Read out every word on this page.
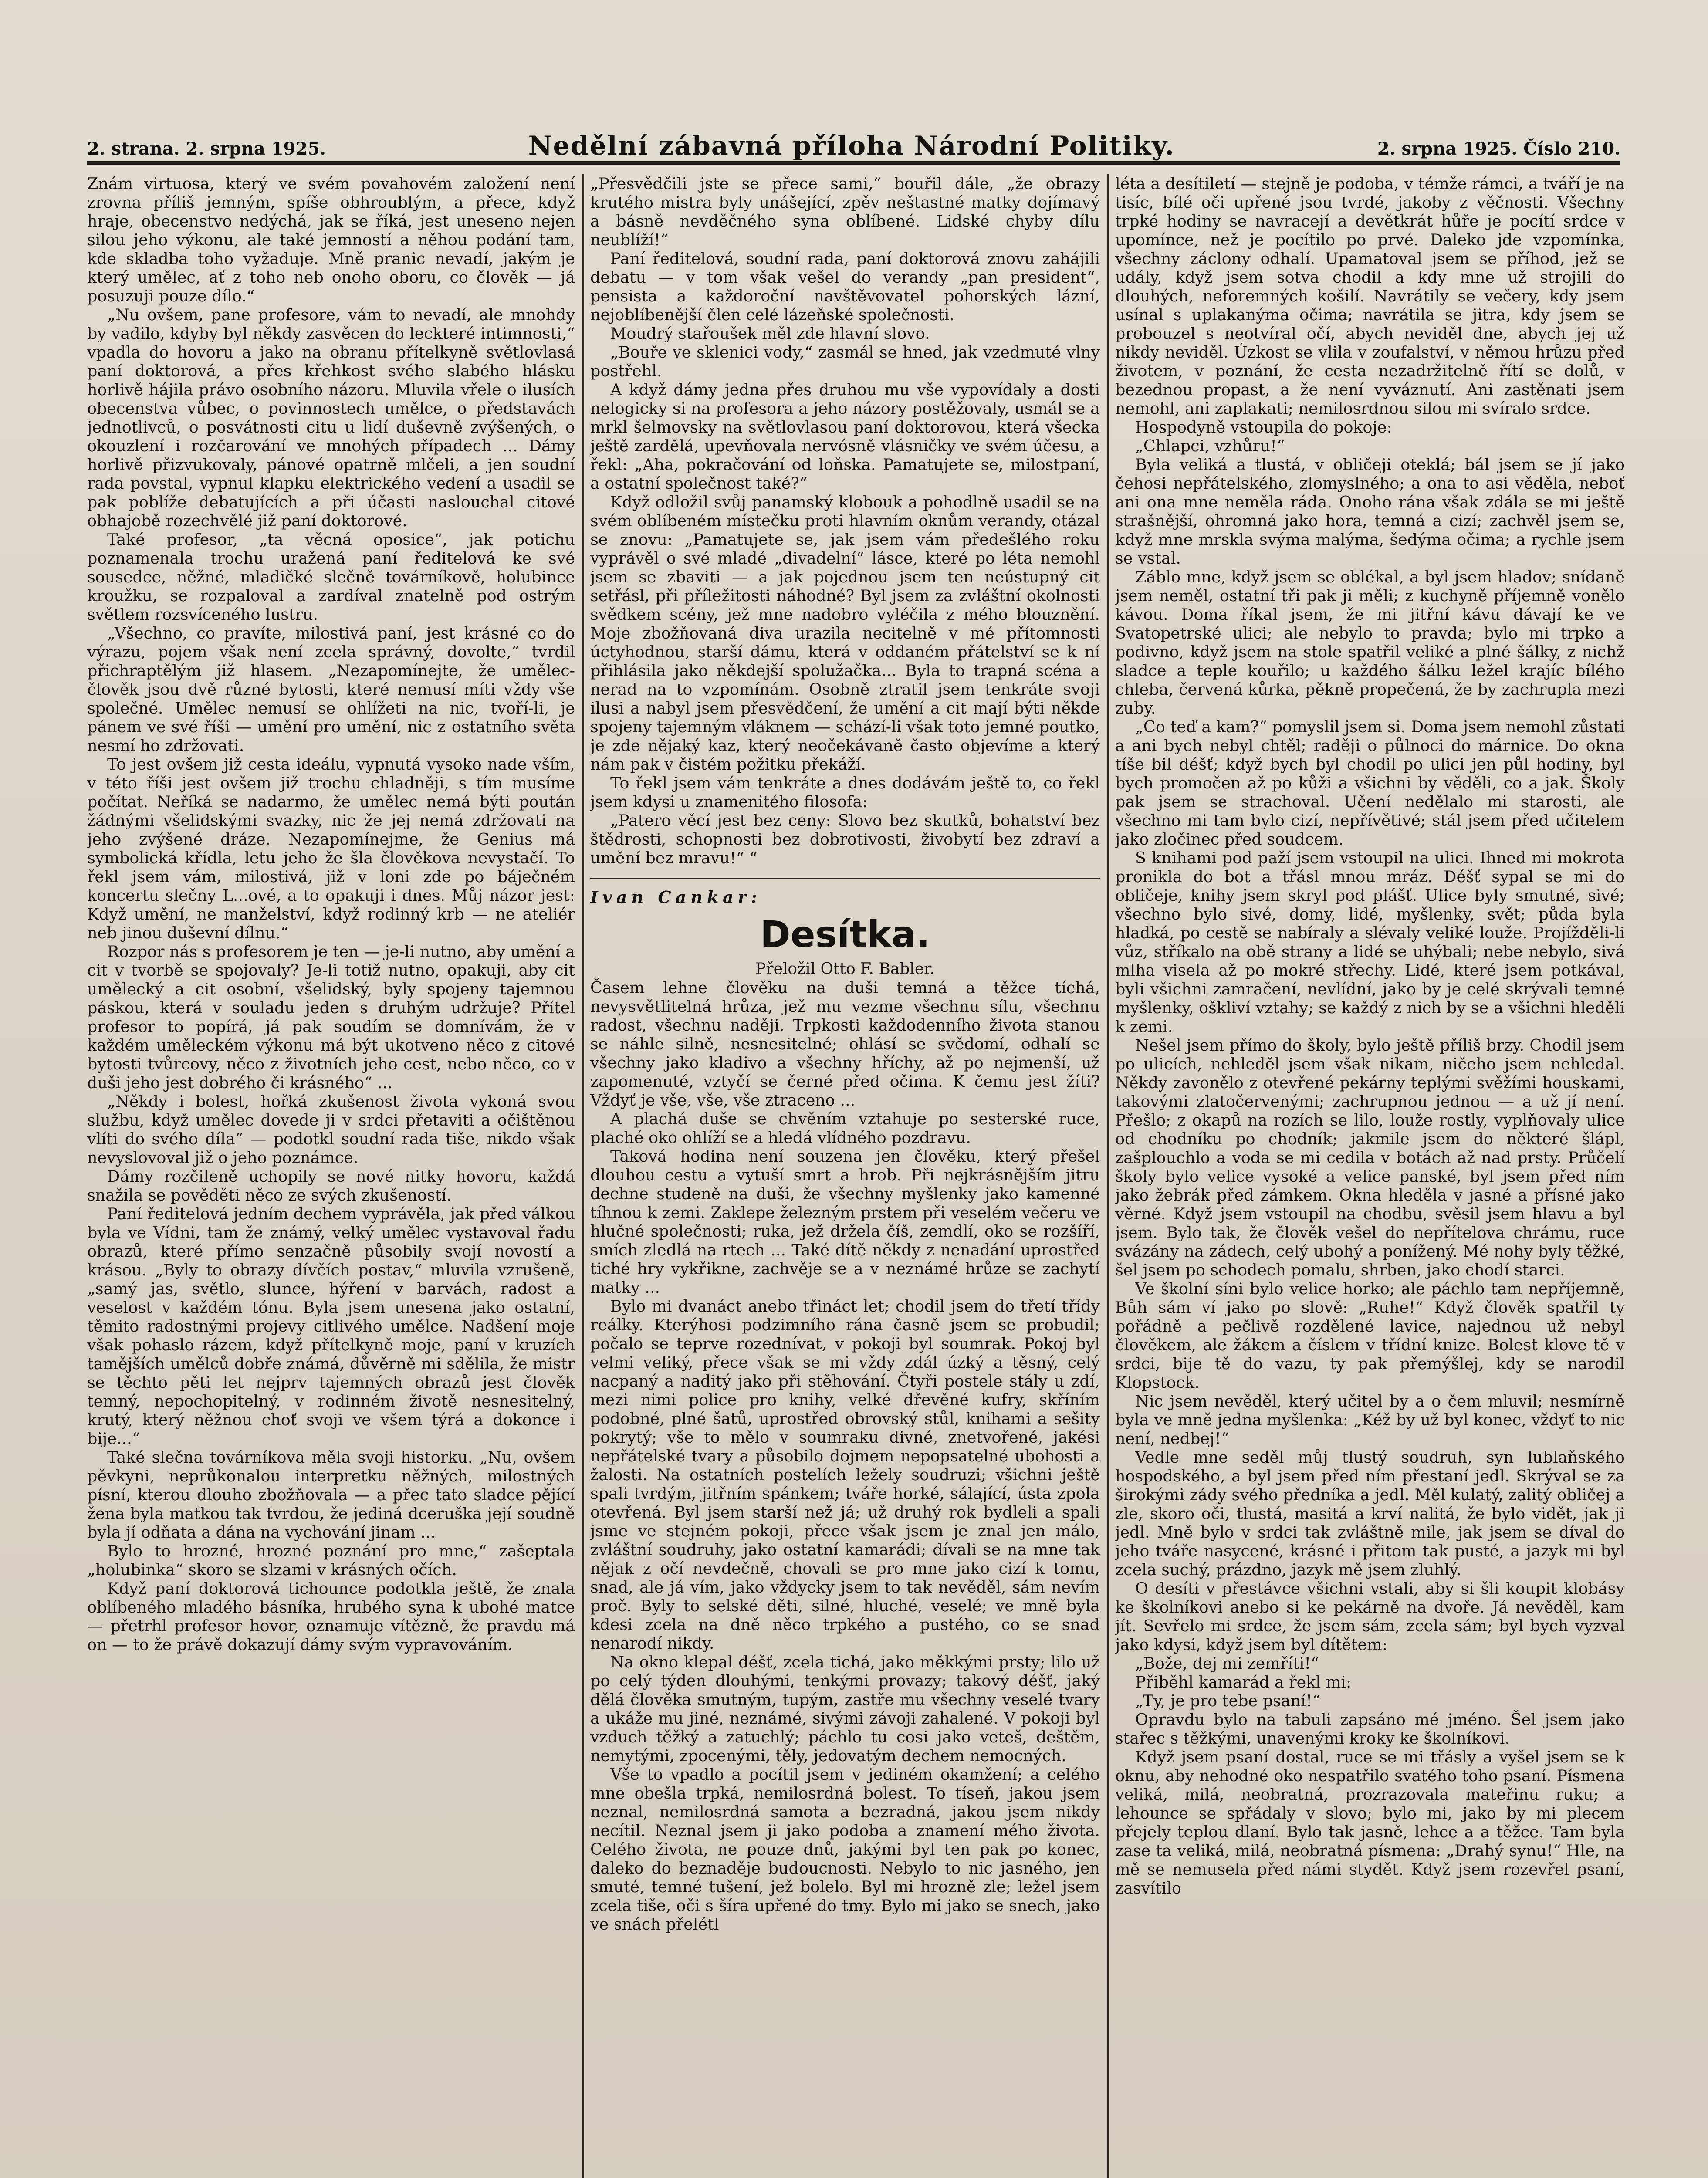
2. strana. 2. srpna 1925.	Nedělní zábavná příloha Národní Politiky.	2. srpna 1925. Číslo 210.

Znám virtuosa, který ve svém povahovém založení není zrovna příliš jemným, spíše obhroublým, a přece, když hraje, obecenstvo nedýchá, jak se říká, jest uneseno nejen silou jeho výkonu, ale také jemností a něhou podání tam, kde skladba toho vyžaduje. Mně pranic nevadí, jakým je který umělec, ať z toho neb onoho oboru, co člověk — já posuzuji pouze dílo.“

„Nu ovšem, pane profesore, vám to nevadí, ale mnohdy by vadilo, kdyby byl někdy zasvěcen do leckteré intimnosti,“ vpadla do hovoru a jako na obranu přítelkyně světlovlasá paní doktorová, a přes křehkost svého slabého hlásku horlivě hájila právo osobního názoru. Mluvila vřele o ilusích obecenstva vůbec, o povinnostech umělce, o představách jednotlivců, o posvátnosti citu u lidí duševně zvýšených, o okouzlení i rozčarování ve mnohých případech ... Dámy horlivě přizvukovaly, pánové opatrně mlčeli, a jen soudní rada povstal, vypnul klapku elektrického vedení a usadil se pak poblíže debatujících a při účasti naslouchal citové obhajobě rozechvělé již paní doktorové.

Také profesor, „ta věcná oposice“, jak potichu poznamenala trochu uražená paní ředitelová ke své sousedce, něžné, mladičké slečně továrníkově, holubince kroužku, se rozpaloval a zardíval znatelně pod ostrým světlem rozsvíceného lustru.

„Všechno, co pravíte, milostivá paní, jest krásné co do výrazu, pojem však není zcela správný, dovolte,“ tvrdil přichraptělým již hlasem. „Nezapomínejte, že umělec-člověk jsou dvě různé bytosti, které nemusí míti vždy vše společné. Umělec nemusí se ohlížeti na nic, tvoří-li, je pánem ve své říši — umění pro umění, nic z ostatního světa nesmí ho zdržovati.

To jest ovšem již cesta ideálu, vypnutá vysoko nade vším, v této říši jest ovšem již trochu chladněji, s tím musíme počítat. Neříká se nadarmo, že umělec nemá býti poután žádnými všelidskými svazky, nic že jej nemá zdržovati na jeho zvýšené dráze. Nezapomínejme, že Genius má symbolická křídla, letu jeho že šla člověkova nevystačí. To řekl jsem vám, milostivá, již v loni zde po báječném koncertu slečny L...ové, a to opakuji i dnes. Můj názor jest: Když umění, ne manželství, když rodinný krb — ne ateliér neb jinou duševní dílnu.“

Rozpor nás s profesorem je ten — je-li nutno, aby umění a cit v tvorbě se spojovaly? Je-li totiž nutno, opakuji, aby cit umělecký a cit osobní, všelidský, byly spojeny tajemnou páskou, která v souladu jeden s druhým udržuje? Přítel profesor to popírá, já pak soudím se domnívám, že v každém uměleckém výkonu má být ukotveno něco z citové bytosti tvůrcovy, něco z životních jeho cest, nebo něco, co v duši jeho jest dobrého či krásného“ ...

„Někdy i bolest, hořká zkušenost života vykoná svou službu, když umělec dovede ji v srdci přetaviti a očištěnou vlíti do svého díla“ — podotkl soudní rada tiše, nikdo však nevyslovoval již o jeho poznámce.

Dámy rozčileně uchopily se nové nitky hovoru, každá snažila se pověděti něco ze svých zkušeností.

Paní ředitelová jedním dechem vyprávěla, jak před válkou byla ve Vídni, tam že známý, velký umělec vystavoval řadu obrazů, které přímo senzačně působily svojí novostí a krásou. „Byly to obrazy dívčích postav,“ mluvila vzrušeně, „samý jas, světlo, slunce, hýření v barvách, radost a veselost v každém tónu. Byla jsem unesena jako ostatní, těmito radostnými projevy citlivého umělce. Nadšení moje však pohaslo rázem, když přítelkyně moje, paní v kruzích tamějších umělců dobře známá, důvěrně mi sdělila, že mistr se těchto pěti let nejprv tajemných obrazů jest člověk temný, nepochopitelný, v rodinném životě nesnesitelný, krutý, který něžnou choť svoji ve všem týrá a dokonce i bije...“

Také slečna továrníkova měla svoji historku. „Nu, ovšem pěvkyni, neprůkonalou interpretku něžných, milostných písní, kterou dlouho zbožňovala — a přec tato sladce pějící žena byla matkou tak tvrdou, že jediná dceruška její soudně byla jí odňata a dána na vychování jinam ...

Bylo to hrozné, hrozné poznání pro mne,“ zašeptala „holubinka“ skoro se slzami v krásných očích.

Když paní doktorová tichounce podotkla ještě, že znala oblíbeného mladého básníka, hrubého syna k ubohé matce — přetrhl profesor hovor, oznamuje vítězně, že pravdu má on — to že právě dokazují dámy svým vypravováním.

„Přesvědčili jste se přece sami,“ bouřil dále, „že obrazy krutého mistra byly unášející, zpěv neštastné matky dojímavý a básně nevděčného syna oblíbené. Lidské chyby dílu neublíží!“

Paní ředitelová, soudní rada, paní doktorová znovu zahájili debatu — v tom však vešel do verandy „pan president“, pensista a každoroční navštěvovatel pohorských lázní, nejoblíbenější člen celé lázeňské společnosti.

Moudrý stařoušek měl zde hlavní slovo.

„Bouře ve sklenici vody,“ zasmál se hned, jak vzedmuté vlny postřehl.

A když dámy jedna přes druhou mu vše vypovídaly a dosti nelogicky si na profesora a jeho názory postěžovaly, usmál se a mrkl šelmovsky na světlovlasou paní doktorovou, která všecka ještě zardělá, upevňovala nervósně vlásničky ve svém účesu, a řekl: „Aha, pokračování od loňska. Pamatujete se, milostpaní, a ostatní společnost také?“

Když odložil svůj panamský klobouk a pohodlně usadil se na svém oblíbeném místečku proti hlavním oknům verandy, otázal se znovu: „Pamatujete se, jak jsem vám předešlého roku vyprávěl o své mladé „divadelní“ lásce, které po léta nemohl jsem se zbaviti — a jak pojednou jsem ten neústupný cit setřásl, při příležitosti náhodné? Byl jsem za zvláštní okolnosti svědkem scény, jež mne nadobro vyléčila z mého blouznění. Moje zbožňovaná diva urazila necitelně v mé přítomnosti úctyhodnou, starší dámu, která v oddaném přátelství se k ní přihlásila jako někdejší spolužačka... Byla to trapná scéna a nerad na to vzpomínám. Osobně ztratil jsem tenkráte svoji ilusi a nabyl jsem přesvědčení, že umění a cit mají býti někde spojeny tajemným vláknem — schází-li však toto jemné poutko, je zde nějaký kaz, který neočekávaně často objevíme a který nám pak v čistém požitku překáží.

To řekl jsem vám tenkráte a dnes dodávám ještě to, co řekl jsem kdysi u znamenitého filosofa:

„Patero věcí jest bez ceny: Slovo bez skutků, bohatství bez štědrosti, schopnosti bez dobrotivosti, živobytí bez zdraví a umění bez mravu!“ “

Ivan Cankar:

Desítka.

Přeložil Otto F. Babler.

Časem lehne člověku na duši temná a těžce tíchá, nevysvětlitelná hrůza, jež mu vezme všechnu sílu, všechnu radost, všechnu naději. Trpkosti každodenního života stanou se náhle silně, nesnesitelné; ohlásí se svědomí, odhalí se všechny jako kladivo a všechny hříchy, až po nejmenší, už zapomenuté, vztyčí se černé před očima. K čemu jest žíti? Vždyť je vše, vše, vše ztraceno ...

A plachá duše se chvěním vztahuje po sesterské ruce, plaché oko ohlíží se a hledá vlídného pozdravu.

Taková hodina není souzena jen člověku, který přešel dlouhou cestu a vytuší smrt a hrob. Při nejkrásnějším jitru dechne studeně na duši, že všechny myšlenky jako kamenné tíhnou k zemi. Zaklepe železným prstem při veselém večeru ve hlučné společnosti; ruka, jež držela číš, zemdlí, oko se rozšíří, smích zledlá na rtech ... Také dítě někdy z nenadání uprostřed tiché hry vykřikne, zachvěje se a v neznámé hrůze se zachytí matky ...

Bylo mi dvanáct anebo třináct let; chodil jsem do třetí třídy reálky. Kterýhosi podzimního rána časně jsem se probudil; počalo se teprve rozednívat, v pokoji byl soumrak. Pokoj byl velmi veliký, přece však se mi vždy zdál úzký a těsný, celý nacpaný a naditý jako při stěhování. Čtyři postele stály u zdí, mezi nimi police pro knihy, velké dřevěné kufry, skříním podobné, plné šatů, uprostřed obrovský stůl, knihami a sešity pokrytý; vše to mělo v soumraku divné, znetvořené, jakési nepřátelské tvary a působilo dojmem nepopsatelné ubohosti a žalosti. Na ostatních postelích ležely soudruzi; všichni ještě spali tvrdým, jitřním spánkem; tváře horké, sálající, ústa zpola otevřená. Byl jsem starší než já; už druhý rok bydleli a spali jsme ve stejném pokoji, přece však jsem je znal jen málo, zvláštní soudruhy, jako ostatní kamarádi; dívali se na mne tak nějak z očí nevdečně, chovali se pro mne jako cizí k tomu, snad, ale já vím, jako vždycky jsem to tak nevěděl, sám nevím proč. Byly to selské děti, silné, hluché, veselé; ve mně byla kdesi zcela na dně něco trpkého a pustého, co se snad nenarodí nikdy.

Na okno klepal déšť, zcela tichá, jako měkkými prsty; lilo už po celý týden dlouhými, tenkými provazy; takový déšť, jaký dělá člověka smutným, tupým, zastře mu všechny veselé tvary a ukáže mu jiné, neznámé, sivými závoji zahalené. V pokoji byl vzduch těžký a zatuchlý; páchlo tu cosi jako veteš, deštěm, nemytými, zpocenými, těly, jedovatým dechem nemocných.

Vše to vpadlo a pocítil jsem v jediném okamžení; a celého mne obešla trpká, nemilosrdná bolest. To tíseň, jakou jsem neznal, nemilosrdná samota a bezradná, jakou jsem nikdy necítil. Neznal jsem ji jako podoba a znamení mého života. Celého života, ne pouze dnů, jakými byl ten pak po konec, daleko do beznaděje budoucnosti. Nebylo to nic jasného, jen smuté, temné tušení, jež bolelo. Byl mi hrozně zle; ležel jsem zcela tiše, oči s šíra upřené do tmy. Bylo mi jako se snech, jako ve snách přelétl

léta a desítiletí — stejně je podoba, v témže rámci, a tváří je na tisíc, bílé oči upřené jsou tvrdé, jakoby z věčnosti. Všechny trpké hodiny se navracejí a devětkrát hůře je pocítí srdce v upomínce, než je pocítilo po prvé. Daleko jde vzpomínka, všechny záclony odhalí. Upamatoval jsem se příhod, jež se udály, když jsem sotva chodil a kdy mne už strojili do dlouhých, neforemných košilí. Navrátily se večery, kdy jsem usínal s uplakanýma očima; navrátila se jitra, kdy jsem se probouzel s neotvíral očí, abych neviděl dne, abych jej už nikdy neviděl. Úzkost se vlila v zoufalství, v němou hrůzu před životem, v poznání, že cesta nezadržitelně řítí se dolů, v bezednou propast, a že není vyváznutí. Ani zastěnati jsem nemohl, ani zaplakati; nemilosrdnou silou mi svíralo srdce.

Hospodyně vstoupila do pokoje:

„Chlapci, vzhůru!“

Byla veliká a tlustá, v obličeji oteklá; bál jsem se jí jako čehosi nepřátelského, zlomyslného; a ona to asi věděla, neboť ani ona mne neměla ráda. Onoho rána však zdála se mi ještě strašnější, ohromná jako hora, temná a cizí; zachvěl jsem se, když mne mrskla svýma malýma, šedýma očima; a rychle jsem se vstal.

Záblo mne, když jsem se oblékal, a byl jsem hladov; snídaně jsem neměl, ostatní tři pak ji měli; z kuchyně příjemně vonělo kávou. Doma říkal jsem, že mi jitřní kávu dávají ke ve Svatopetrské ulici; ale nebylo to pravda; bylo mi trpko a podivno, když jsem na stole spatřil veliké a plné šálky, z nichž sladce a teple kouřilo; u každého šálku ležel krajíc bílého chleba, červená kůrka, pěkně propečená, že by zachrupla mezi zuby.

„Co teď a kam?“ pomyslil jsem si. Doma jsem nemohl zůstati a ani bych nebyl chtěl; raději o půlnoci do márnice. Do okna tíše bil déšť; když bych byl chodil po ulici jen půl hodiny, byl bych promočen až po kůži a všichni by věděli, co a jak. Školy pak jsem se strachoval. Učení nedělalo mi starosti, ale všechno mi tam bylo cizí, nepřívětivé; stál jsem před učitelem jako zločinec před soudcem.

S knihami pod paží jsem vstoupil na ulici. Ihned mi mokrota pronikla do bot a třásl mnou mráz. Déšť sypal se mi do obličeje, knihy jsem skryl pod plášť. Ulice byly smutné, sivé; všechno bylo sivé, domy, lidé, myšlenky, svět; půda byla hladká, po cestě se nabíraly a slévaly veliké louže. Projížděli-li vůz, stříkalo na obě strany a lidé se uhýbali; nebe nebylo, sivá mlha visela až po mokré střechy. Lidé, které jsem potkával, byli všichni zamračení, nevlídní, jako by je celé skrývali temné myšlenky, oškliví vztahy; se každý z nich by se a všichni hleděli k zemi.

Nešel jsem přímo do školy, bylo ještě příliš brzy. Chodil jsem po ulicích, nehleděl jsem však nikam, ničeho jsem nehledal. Někdy zavonělo z otevřené pekárny teplými svěžími houskami, takovými zlatočervenými; zachrupnou jednou — a už jí není. Přešlo; z okapů na rozích se lilo, louže rostly, vyplňovaly ulice od chodníku po chodník; jakmile jsem do některé šlápl, zašplouchlo a voda se mi cedila v botách až nad prsty. Průčelí školy bylo velice vysoké a velice panské, byl jsem před ním jako žebrák před zámkem. Okna hleděla v jasné a přísné jako věrné. Když jsem vstoupil na chodbu, svěsil jsem hlavu a byl jsem. Bylo tak, že člověk vešel do nepřítelova chrámu, ruce svázány na zádech, celý ubohý a ponížený. Mé nohy byly těžké, šel jsem po schodech pomalu, shrben, jako chodí starci.

Ve školní síni bylo velice horko; ale páchlo tam nepříjemně, Bůh sám ví jako po slově: „Ruhe!“ Když člověk spatřil ty pořádně a pečlivě rozdělené lavice, najednou už nebyl člověkem, ale žákem a číslem v třídní knize. Bolest klove tě v srdci, bije tě do vazu, ty pak přemýšlej, kdy se narodil Klopstock.

Nic jsem nevěděl, který učitel by a o čem mluvil; nesmírně byla ve mně jedna myšlenka: „Kéž by už byl konec, vždyť to nic není, nedbej!“

Vedle mne seděl můj tlustý soudruh, syn lublaňského hospodského, a byl jsem před ním přestaní jedl. Skrýval se za širokými zády svého předníka a jedl. Měl kulatý, zalitý obličej a zle, skoro oči, tlustá, masitá a krví nalitá, že bylo vidět, jak ji jedl. Mně bylo v srdci tak zvláštně mile, jak jsem se díval do jeho tváře nasycené, krásné i přitom tak pusté, a jazyk mi byl zcela suchý, prázdno, jazyk mě jsem zluhlý.

O desíti v přestávce všichni vstali, aby si šli koupit klobásy ke školníkovi anebo si ke pekárně na dvoře. Já nevěděl, kam jít. Sevřelo mi srdce, že jsem sám, zcela sám; byl bych vyzval jako kdysi, když jsem byl dítětem:

„Bože, dej mi zemříti!“

Přiběhl kamarád a řekl mi:

„Ty, je pro tebe psaní!“

Opravdu bylo na tabuli zapsáno mé jméno. Šel jsem jako stařec s těžkými, unavenými kroky ke školníkovi.

Když jsem psaní dostal, ruce se mi třásly a vyšel jsem se k oknu, aby nehodné oko nespatřilo svatého toho psaní. Písmena veliká, milá, neobratná, prozrazovala mateřinu ruku; a lehounce se spřádaly v slovo; bylo mi, jako by mi plecem přejely teplou dlaní. Bylo tak jasně, lehce a a těžce. Tam byla zase ta veliká, milá, neobratná písmena: „Drahý synu!“ Hle, na mě se nemusela před námi stydět. Když jsem rozevřel psaní, zasvítilo
